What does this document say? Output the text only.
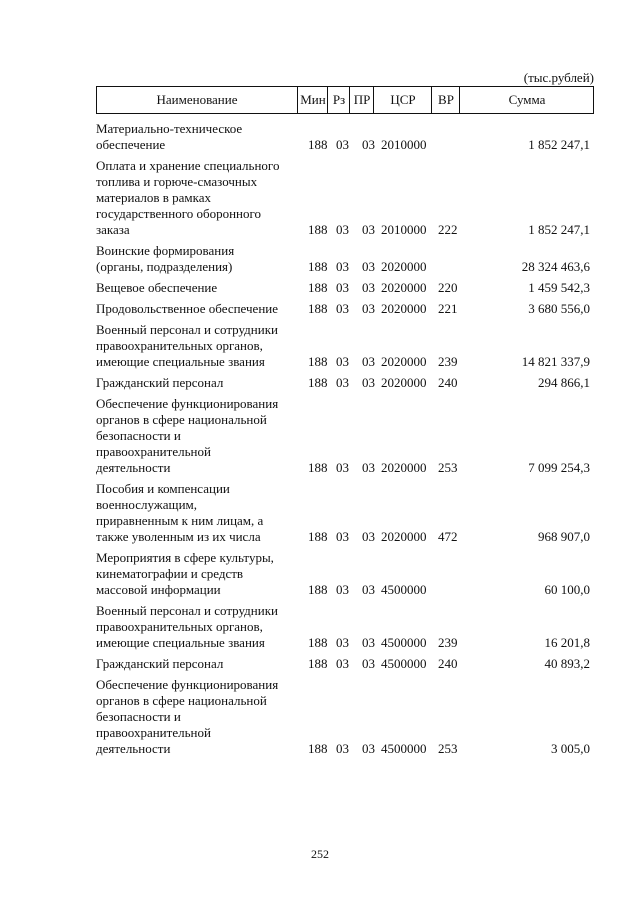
(тыс.рублей)
Наименование	Мин Рз ПР	ЦСР	ВР	Сумма
Материально-техническое
обеспечение	188 03 03 2010000	1 852 247,1
Оплата и хранение специального
топлива и горюче-смазочных
материалов в рамках
государственного оборонного
заказа	188 03 03 2010000 222	1 852 247,1
Воинские формирования
(органы, подразделения)	188 03 03 2020000	28 324 463,6
Вещевое обеспечение	188 03 03 2020000 220	1 459 542,3
Продовольственное обеспечение	188 03 03 2020000 221	3 680 556,0
Военный персонал и сотрудники
правоохранительных органов,
имеющие специальные звания	188 03 03 2020000 239	14 821 337,9
Гражданский персонал	188 03 03 2020000 240	294 866,1
Обеспечение функционирования
органов в сфере национальной
безопасности и
правоохранительной
деятельности	188 03 03 2020000 253	7 099 254,3
Пособия и компенсации
военнослужащим,
приравненным к ним лицам, а
также уволенным из их числа	188 03 03 2020000 472	968 907,0
Мероприятия в сфере культуры,
кинематографии и средств
массовой информации	188 03 03 4500000	60 100,0
Военный персонал и сотрудники
правоохранительных органов,
имеющие специальные звания	188 03 03 4500000 239	16 201,8
Гражданский персонал	188 03 03 4500000 240	40 893,2
Обеспечение функционирования
органов в сфере национальной
безопасности и
правоохранительной
деятельности	188 03 03 4500000 253	3 005,0
252
